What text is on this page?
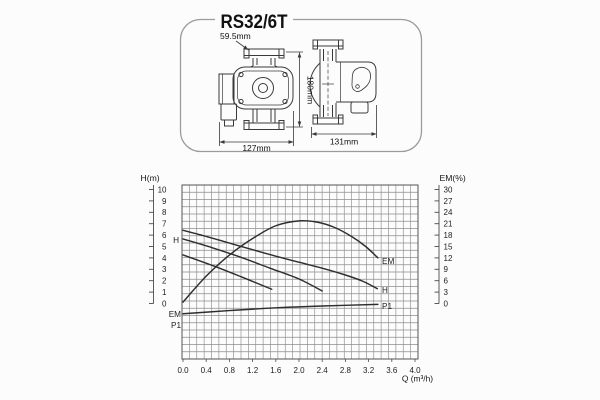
RS32/6T
59.5mm
180mm
127mm
131mm
H(m)	EM(%)
Q (m³/h)
0
1
2
3
4
5
6
7
8
9
10
0
3
6
9
12
15
18
21
24
27
30
0.0 0.4 0.8 1.2 1.6 2.0 2.4 2.8 3.2 3.6 4.0
H
EM
P1
EM
H
P1
